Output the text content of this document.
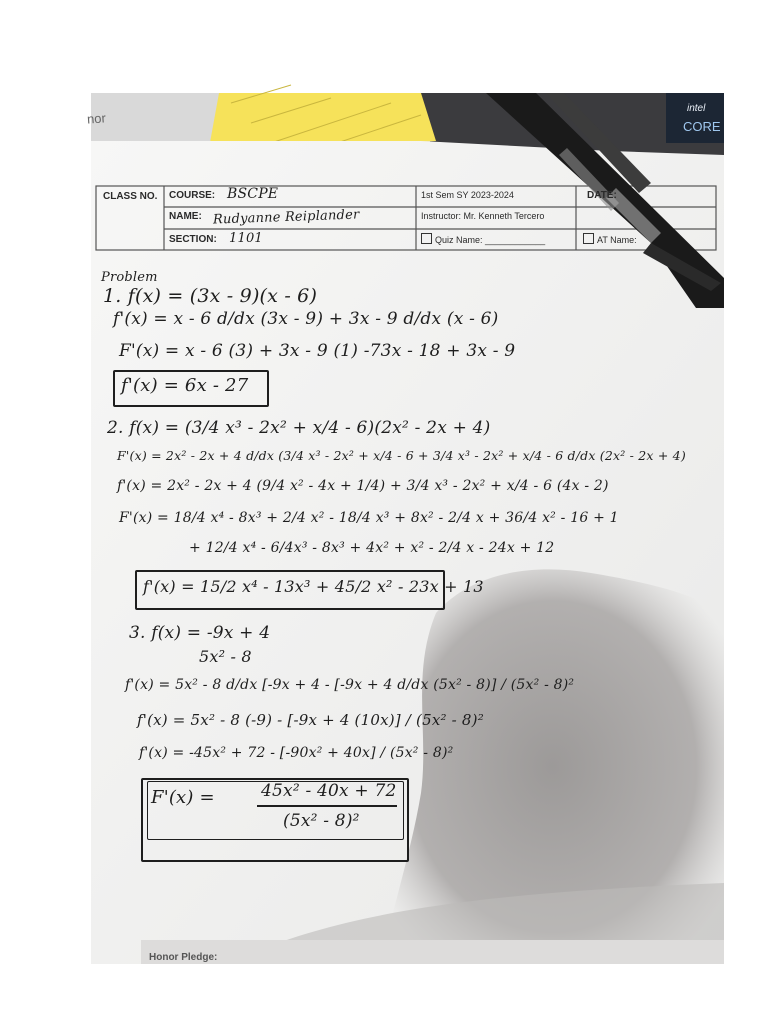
nor
intel
CORE
CLASS NO. COURSE: BSCPE
NAME: Rudyanne Reiplander
SECTION: 1101
1st Sem SY 2023-2024
Instructor: Mr. Kenneth Tercero
DATE:
Quiz Name: ____________	AT Name:
Problem
1. f(x) = (3x - 9)(x - 6)
f'(x) = x - 6 d/dx (3x - 9) + 3x - 9 d/dx (x - 6)
F'(x) = x - 6 (3) + 3x - 9 (1) -73x - 18 + 3x - 9
f'(x) = 6x - 27
2. f(x) = (3/4 x³ - 2x² + x/4 - 6)(2x² - 2x + 4)
F'(x) = 2x² - 2x + 4 d/dx (3/4 x³ - 2x² + x/4 - 6 + 3/4 x³ - 2x² + x/4 - 6 d/dx (2x² - 2x + 4)
f'(x) = 2x² - 2x + 4 (9/4 x² - 4x + 1/4) + 3/4 x³ - 2x² + x/4 - 6 (4x - 2)
F'(x) = 18/4 x⁴ - 8x³ + 2/4 x² - 18/4 x³ + 8x² - 2/4 x + 36/4 x² - 16 + 1
+ 12/4 x⁴ - 6/4x³ - 8x³ + 4x² + x² - 2/4 x - 24x + 12
f'(x) = 15/2 x⁴ - 13x³ + 45/2 x² - 23x + 13
3. f(x) = -9x + 4
5x² - 8
f'(x) = 5x² - 8 d/dx [-9x + 4 - [-9x + 4 d/dx (5x² - 8)] / (5x² - 8)²
f'(x) = 5x² - 8 (-9) - [-9x + 4 (10x)] / (5x² - 8)²
f'(x) = -45x² + 72 - [-90x² + 40x] / (5x² - 8)²
F'(x) =	45x² - 40x + 72
(5x² - 8)²
Honor Pledge:
